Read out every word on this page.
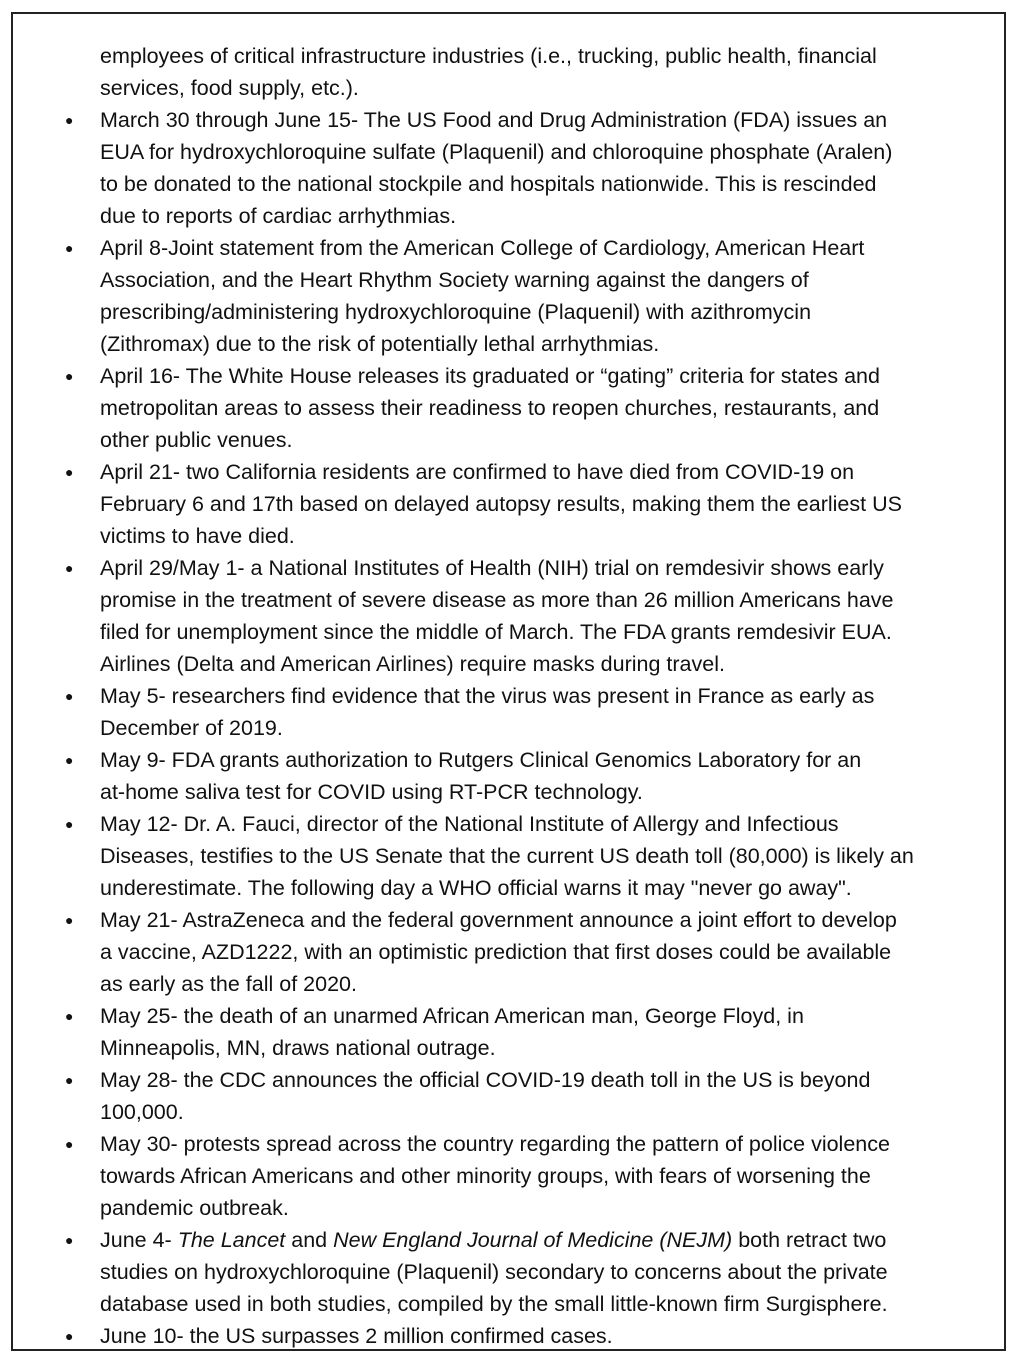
employees of critical infrastructure industries (i.e., trucking, public health, financial
services, food supply, etc.).
● March 30 through June 15- The US Food and Drug Administration (FDA) issues an
EUA for hydroxychloroquine sulfate (Plaquenil) and chloroquine phosphate (Aralen)
to be donated to the national stockpile and hospitals nationwide. This is rescinded
due to reports of cardiac arrhythmias.
● April 8-Joint statement from the American College of Cardiology, American Heart
Association, and the Heart Rhythm Society warning against the dangers of
prescribing/administering hydroxychloroquine (Plaquenil) with azithromycin
(Zithromax) due to the risk of potentially lethal arrhythmias.
● April 16- The White House releases its graduated or “gating” criteria for states and
metropolitan areas to assess their readiness to reopen churches, restaurants, and
other public venues.
● April 21- two California residents are confirmed to have died from COVID-19 on
February 6 and 17th based on delayed autopsy results, making them the earliest US
victims to have died.
● April 29/May 1- a National Institutes of Health (NIH) trial on remdesivir shows early
promise in the treatment of severe disease as more than 26 million Americans have
filed for unemployment since the middle of March. The FDA grants remdesivir EUA.
Airlines (Delta and American Airlines) require masks during travel.
● May 5- researchers find evidence that the virus was present in France as early as
December of 2019.
● May 9- FDA grants authorization to Rutgers Clinical Genomics Laboratory for an
at-home saliva test for COVID using RT-PCR technology.
● May 12- Dr. A. Fauci, director of the National Institute of Allergy and Infectious
Diseases, testifies to the US Senate that the current US death toll (80,000) is likely an
underestimate. The following day a WHO official warns it may "never go away".
● May 21- AstraZeneca and the federal government announce a joint effort to develop
a vaccine, AZD1222, with an optimistic prediction that first doses could be available
as early as the fall of 2020.
● May 25- the death of an unarmed African American man, George Floyd, in
Minneapolis, MN, draws national outrage.
● May 28- the CDC announces the official COVID-19 death toll in the US is beyond
100,000.
● May 30- protests spread across the country regarding the pattern of police violence
towards African Americans and other minority groups, with fears of worsening the
pandemic outbreak.
● June 4- The Lancet and New England Journal of Medicine (NEJM) both retract two
studies on hydroxychloroquine (Plaquenil) secondary to concerns about the private
database used in both studies, compiled by the small little-known firm Surgisphere.
● June 10- the US surpasses 2 million confirmed cases.
